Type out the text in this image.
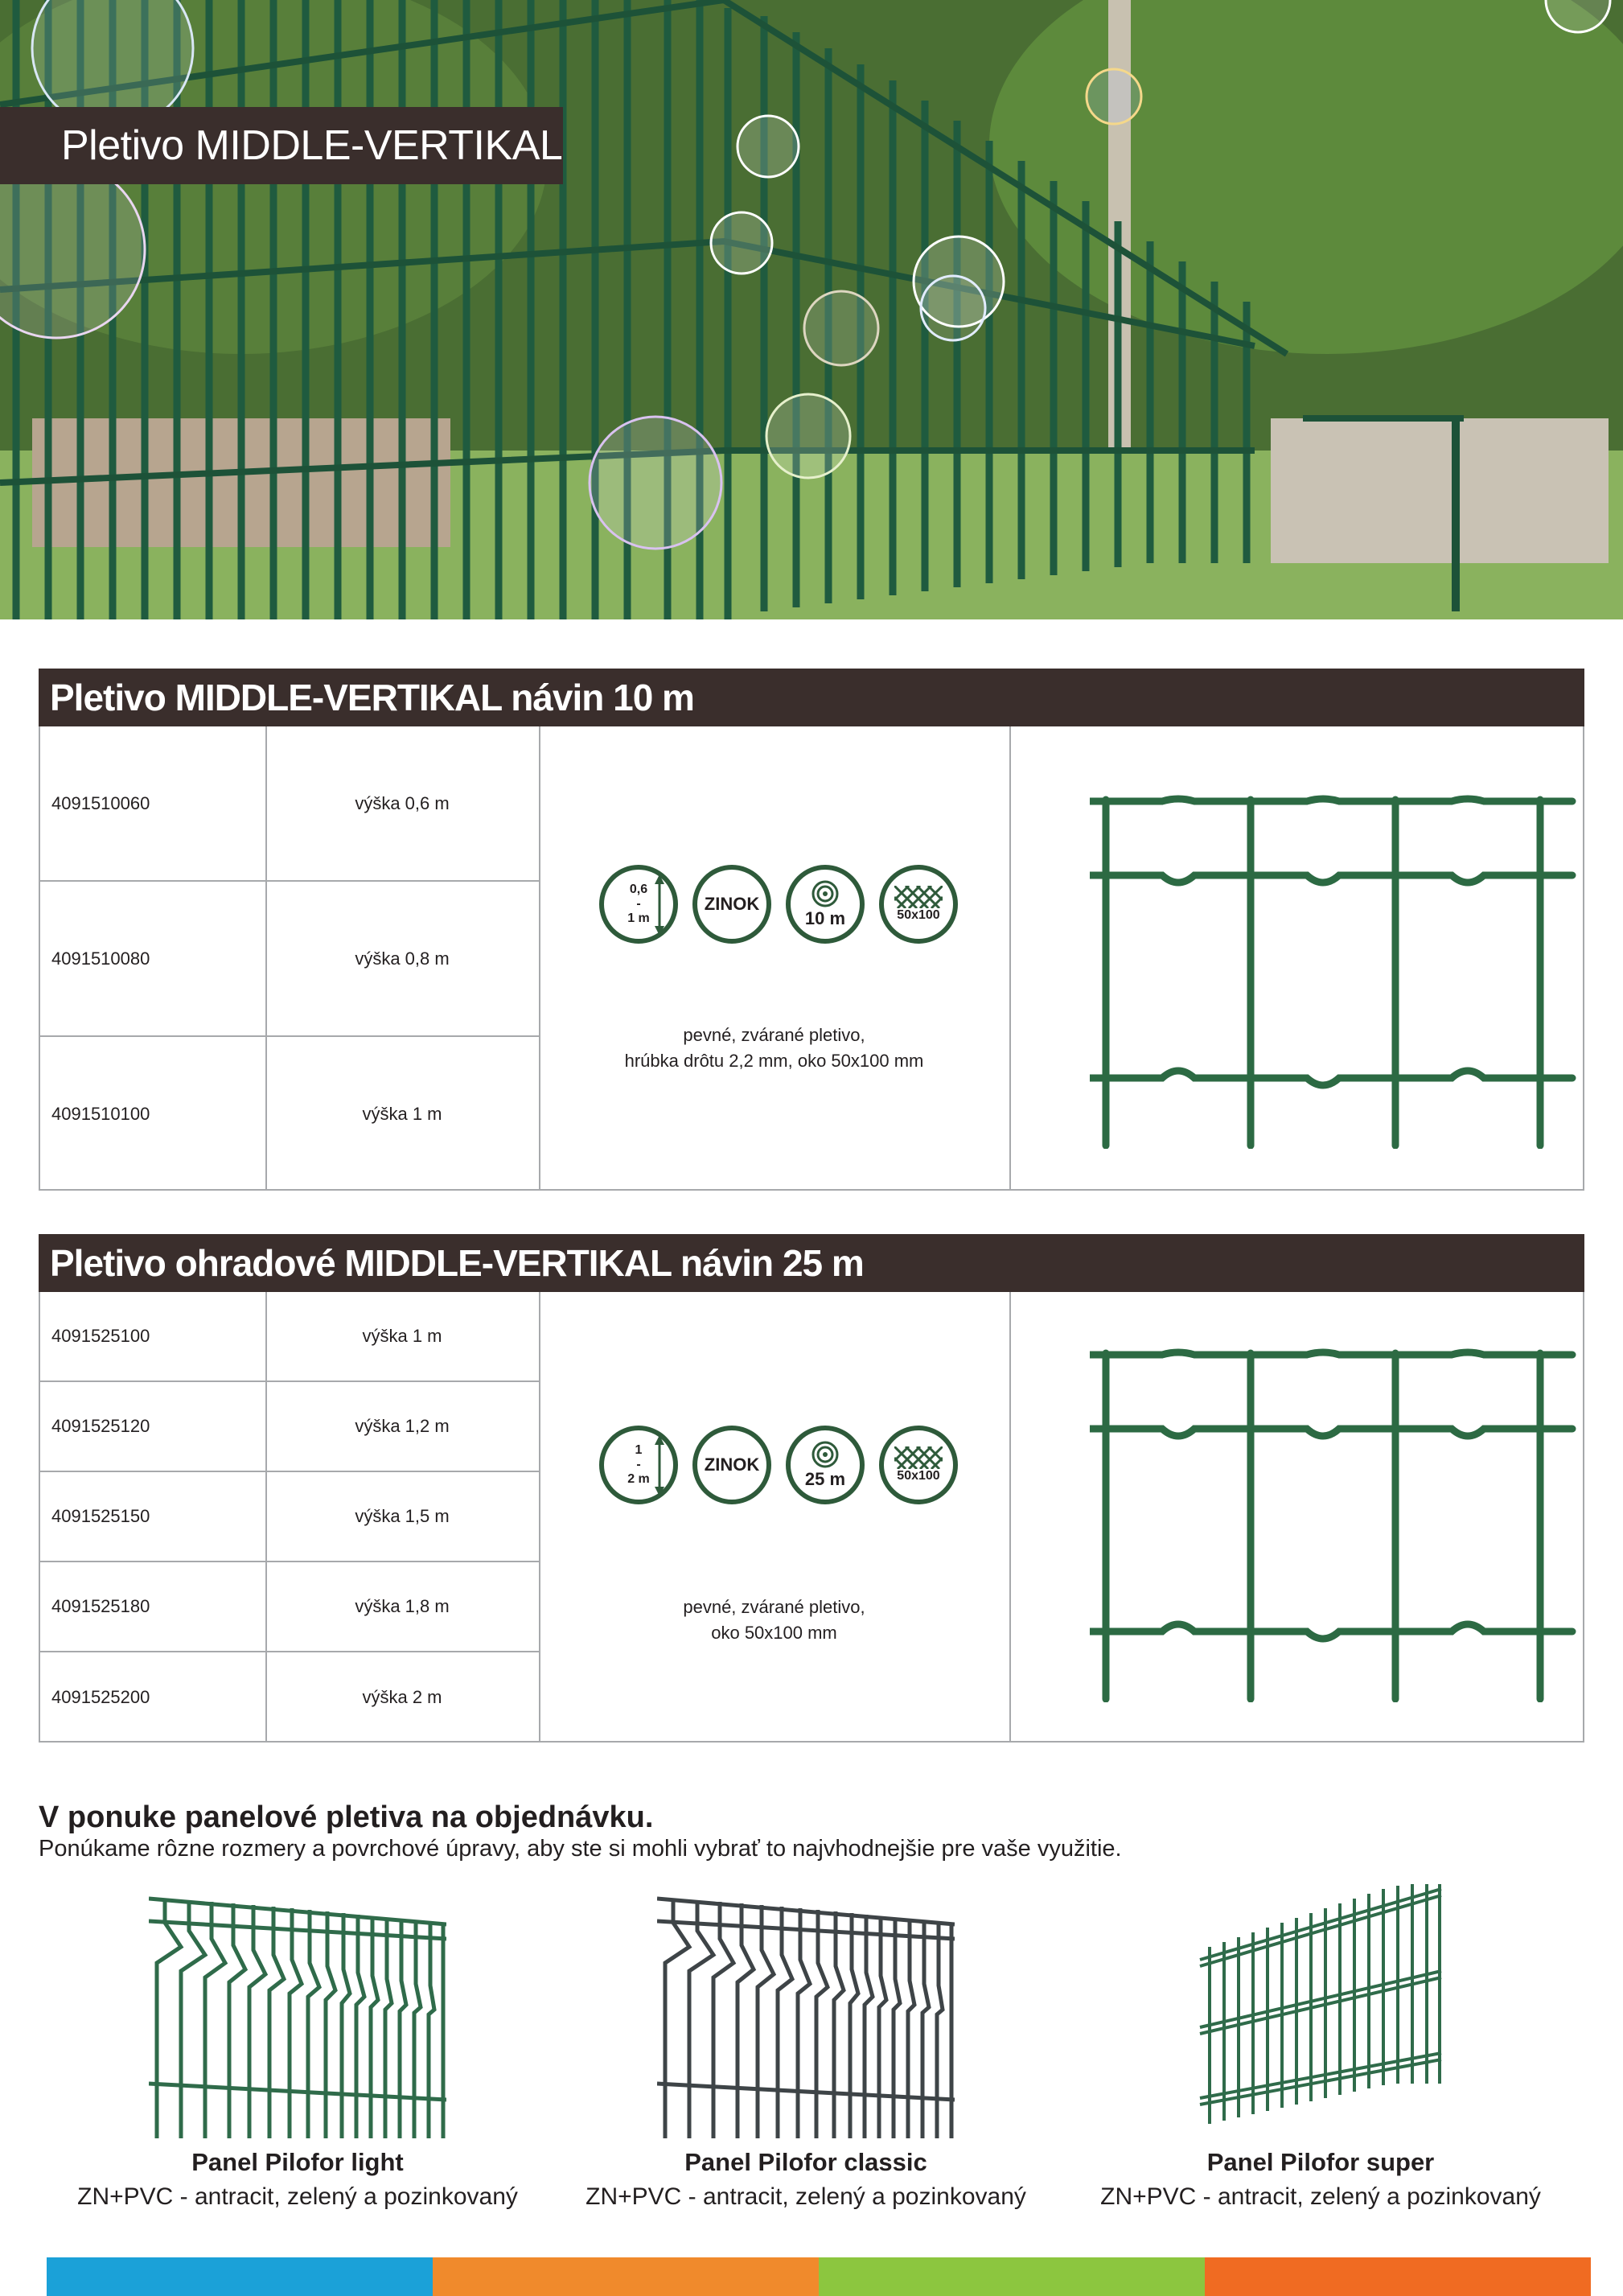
Pletivo MIDDLE-VERTIKAL
Pletivo MIDDLE-VERTIKAL návin 10 m
4091510060	výška 0,6 m
4091510080	výška 0,8 m
4091510100	výška 1 m
0,6
-
1 m
ZINOK
10 m	50x100
pevné, zvárané pletivo,
hrúbka drôtu 2,2 mm, oko 50x100 mm
Pletivo ohradové MIDDLE-VERTIKAL návin 25 m
4091525100	výška 1 m
4091525120	výška 1,2 m
4091525150	výška 1,5 m
4091525180	výška 1,8 m
4091525200	výška 2 m
1
-
2 m
ZINOK
25 m	50x100
pevné, zvárané pletivo,
oko 50x100 mm
V ponuke panelové pletiva na objednávku.
Ponúkame rôzne rozmery a povrchové úpravy, aby ste si mohli vybrať to najvhodnejšie pre vaše využitie.
Panel Pilofor light
ZN+PVC - antracit, zelený a pozinkovaný
Panel Pilofor classic
ZN+PVC - antracit, zelený a pozinkovaný
Panel Pilofor super
ZN+PVC - antracit, zelený a pozinkovaný
